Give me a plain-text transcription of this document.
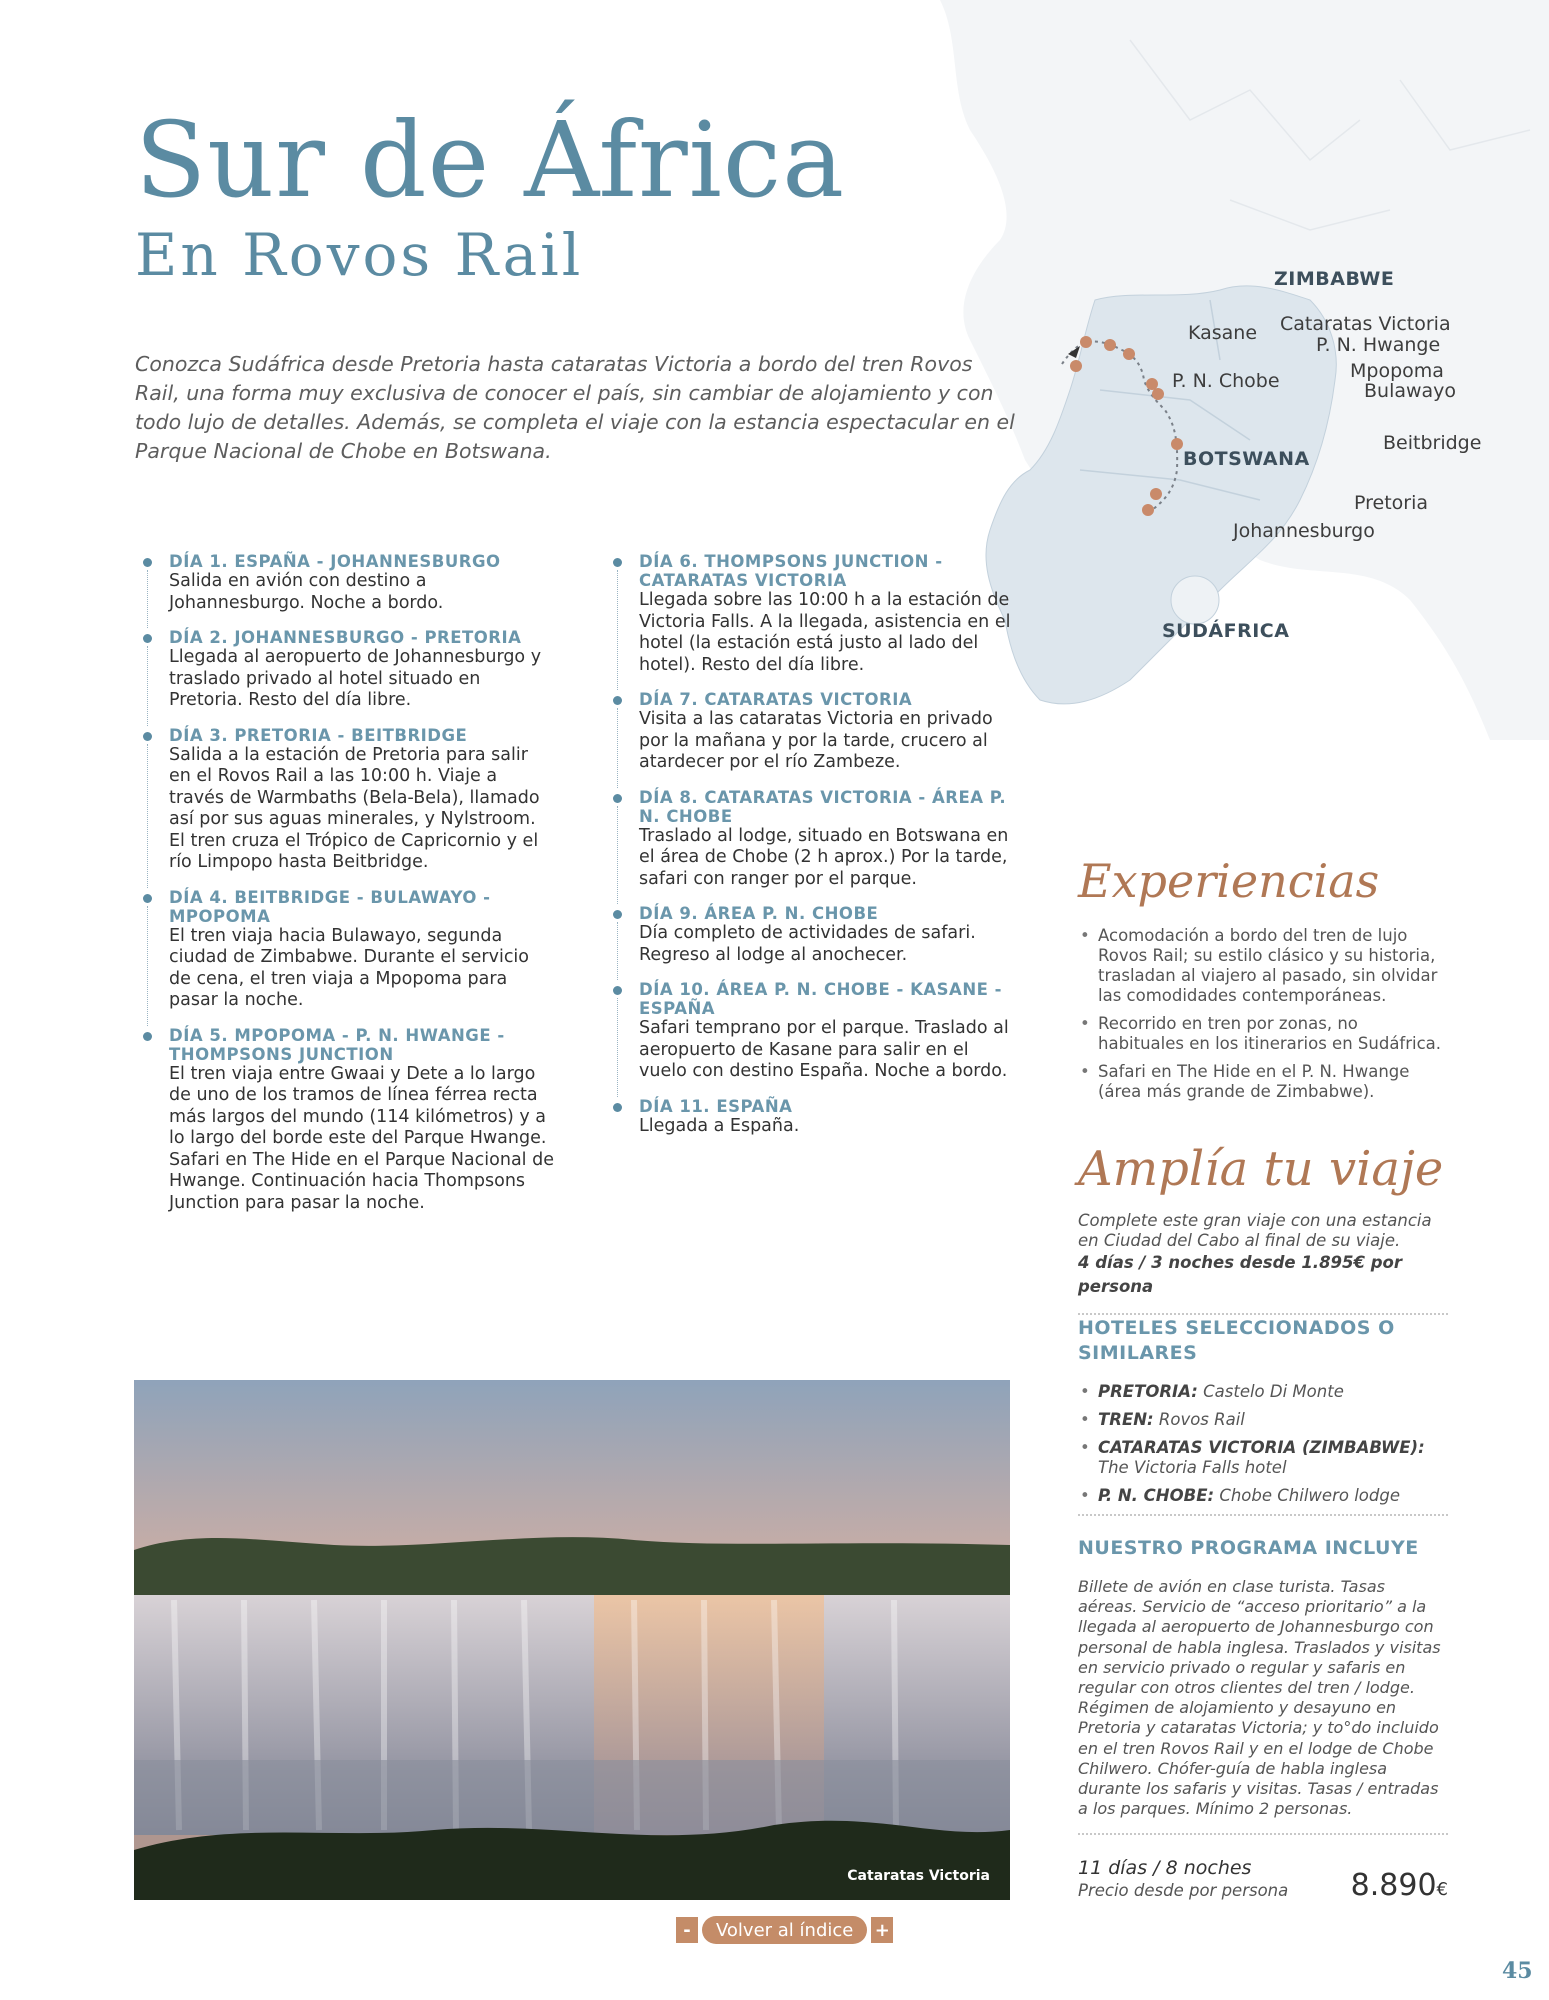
ZIMBABWE
BOTSWANA
SUDÁFRICA
Kasane Cataratas Victoria
P. N. Hwange
P. N. Chobe	Mpopoma
Bulawayo
Beitbridge
Pretoria
Johannesburgo
Sur de África
En Rovos Rail
Conozca Sudáfrica desde Pretoria hasta cataratas Victoria a bordo del tren Rovos Rail, una forma muy exclusiva de conocer el país, sin cambiar de alojamiento y con todo lujo de detalles. Además, se completa el viaje con la estancia espectacular en el Parque Nacional de Chobe en Botswana.
DÍA 1. ESPAÑA - JOHANNESBURGO
Salida en avión con destino a Johannesburgo. Noche a bordo.
DÍA 2. JOHANNESBURGO - PRETORIA
Llegada al aeropuerto de Johannesburgo y traslado privado al hotel situado en Pretoria. Resto del día libre.
DÍA 3. PRETORIA - BEITBRIDGE
Salida a la estación de Pretoria para salir en el Rovos Rail a las 10:00 h. Viaje a través de Warmbaths (Bela-Bela), llamado así por sus aguas minerales, y Nylstroom. El tren cruza el Trópico de Capricornio y el río Limpopo hasta Beitbridge.
DÍA 4. BEITBRIDGE - BULAWAYO - MPOPOMA
El tren viaja hacia Bulawayo, segunda ciudad de Zimbabwe. Durante el servicio de cena, el tren viaja a Mpopoma para pasar la noche.
DÍA 5. MPOPOMA - P. N. HWANGE - THOMPSONS JUNCTION
El tren viaja entre Gwaai y Dete a lo largo de uno de los tramos de línea férrea recta más largos del mundo (114 kilómetros) y a lo largo del borde este del Parque Hwange. Safari en The Hide en el Parque Nacional de Hwange. Continuación hacia Thompsons Junction para pasar la noche.
DÍA 6. THOMPSONS JUNCTION - CATARATAS VICTORIA
Llegada sobre las 10:00 h a la estación de Victoria Falls. A la llegada, asistencia en el hotel (la estación está justo al lado del hotel). Resto del día libre.
DÍA 7. CATARATAS VICTORIA
Visita a las cataratas Victoria en privado por la mañana y por la tarde, crucero al atardecer por el río Zambeze.
DÍA 8. CATARATAS VICTORIA - ÁREA P. N. CHOBE
Traslado al lodge, situado en Botswana en el área de Chobe (2 h aprox.) Por la tarde, safari con ranger por el parque.
DÍA 9. ÁREA P. N. CHOBE
Día completo de actividades de safari. Regreso al lodge al anochecer.
DÍA 10. ÁREA P. N. CHOBE - KASANE - ESPAÑA
Safari temprano por el parque. Traslado al aeropuerto de Kasane para salir en el vuelo con destino España. Noche a bordo.
DÍA 11. ESPAÑA
Llegada a España.
Cataratas Victoria
-	Volver al índice	+
45
Experiencias
• Acomodación a bordo del tren de lujo Rovos Rail; su estilo clásico y su historia, trasladan al viajero al pasado, sin olvidar las comodidades contemporáneas.
• Recorrido en tren por zonas, no habituales en los itinerarios en Sudáfrica.
• Safari en The Hide en el P. N. Hwange (área más grande de Zimbabwe).
Amplía tu viaje
Complete este gran viaje con una estancia en Ciudad del Cabo al final de su viaje.
4 días / 3 noches desde 1.895€ por persona
HOTELES SELECCIONADOS O SIMILARES
• PRETORIA: Castelo Di Monte
• TREN: Rovos Rail
• CATARATAS VICTORIA (ZIMBABWE): The Victoria Falls hotel
• P. N. CHOBE: Chobe Chilwero lodge
NUESTRO PROGRAMA INCLUYE
Billete de avión en clase turista. Tasas aéreas. Servicio de “acceso prioritario” a la llegada al aeropuerto de Johannesburgo con personal de habla inglesa. Traslados y visitas en servicio privado o regular y safaris en regular con otros clientes del tren / lodge. Régimen de alojamiento y desayuno en Pretoria y cataratas Victoria; y to°do incluido en el tren Rovos Rail y en el lodge de Chobe Chilwero. Chófer-guía de habla inglesa durante los safaris y visitas. Tasas / entradas a los parques. Mínimo 2 personas.
11 días / 8 noches
Precio desde por persona	8.890€
